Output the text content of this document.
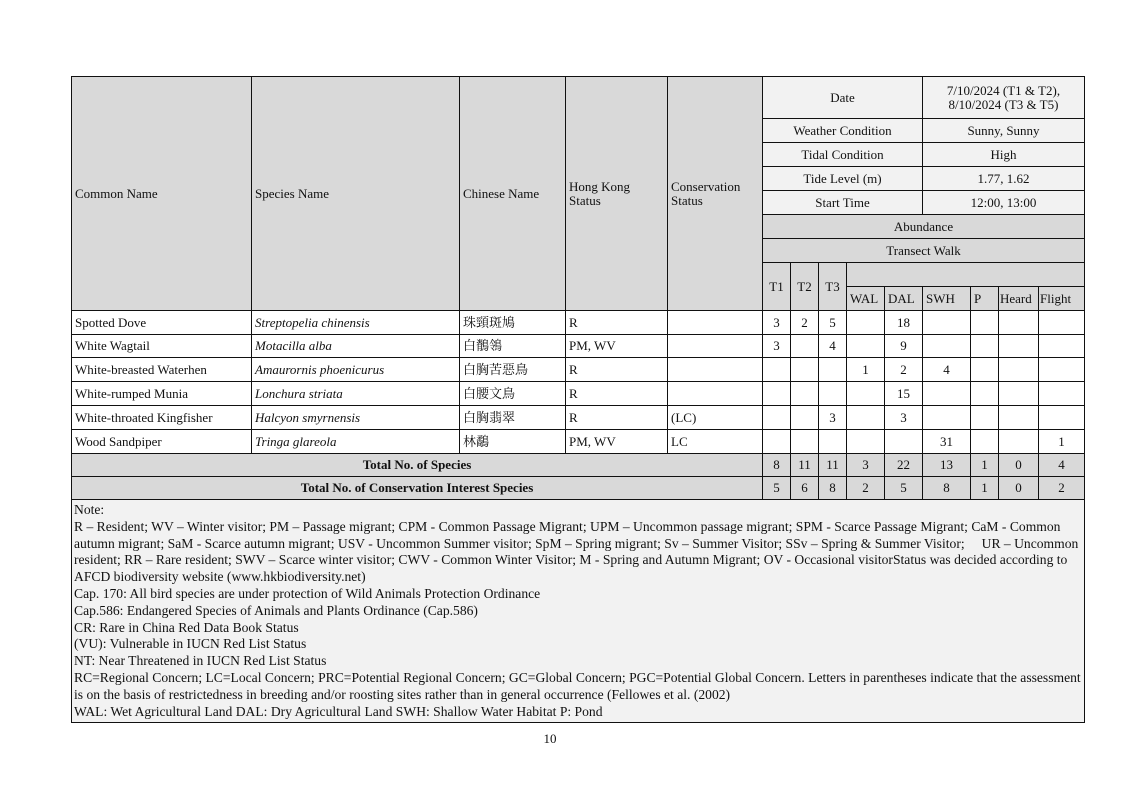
Common Name	Species Name	Chinese Name	Hong Kong Status	Conservation Status	Date					7/10/2024 (T1 & T2),
8/10/2024 (T3 & T5)			

					Weather Condition					Sunny, Sunny			
					Tidal Condition					High			
					Tide Level (m)					1.77, 1.62			
					Start Time					12:00, 13:00			
					Abundance								
					Transect Walk								
					T1	T2	T3						
								WAL	DAL	SWH	P	Heard	Flight
Spotted Dove	Streptopelia chinensis	珠頸斑鳩	R		3	2	5		18				
White Wagtail	Motacilla alba	白鶺鴒	PM, WV		3		4		9				
White-breasted Waterhen	Amaurornis phoenicurus	白胸苦惡鳥	R					1	2	4			
White-rumped Munia	Lonchura striata	白腰文鳥	R						15				
White-throated Kingfisher	Halcyon smyrnensis	白胸翡翠	R	(LC)			3		3				
Wood Sandpiper	Tringa glareola	林鷸	PM, WV	LC						31			1
Total No. of Species					8	11	11	3	22	13	1	0	4
Total No. of Conservation Interest Species					5	6	8	2	5	8	1	0	2

Note:
R – Resident; WV – Winter visitor; PM – Passage migrant; CPM - Common Passage Migrant; UPM – Uncommon passage migrant; SPM - Scarce Passage Migrant; CaM - Common autumn migrant; SaM - Scarce autumn migrant; USV - Uncommon Summer visitor; SpM – Spring migrant; Sv – Summer Visitor; SSv – Spring & Summer Visitor;     UR – Uncommon resident; RR – Rare resident; SWV – Scarce winter visitor; CWV - Common Winter Visitor; M - Spring and Autumn Migrant; OV - Occasional visitorStatus was decided according to AFCD biodiversity website (www.hkbiodiversity.net)
Cap. 170: All bird species are under protection of Wild Animals Protection Ordinance
Cap.586: Endangered Species of Animals and Plants Ordinance (Cap.586)
CR: Rare in China Red Data Book Status
(VU): Vulnerable in IUCN Red List Status
NT: Near Threatened in IUCN Red List Status
RC=Regional Concern; LC=Local Concern; PRC=Potential Regional Concern; GC=Global Concern; PGC=Potential Global Concern. Letters in parentheses indicate that the assessment is on the basis of restrictedness in breeding and/or roosting sites rather than in general occurrence (Fellowes et al. (2002)
WAL: Wet Agricultural Land DAL: Dry Agricultural Land SWH: Shallow Water Habitat P: Pond
10
